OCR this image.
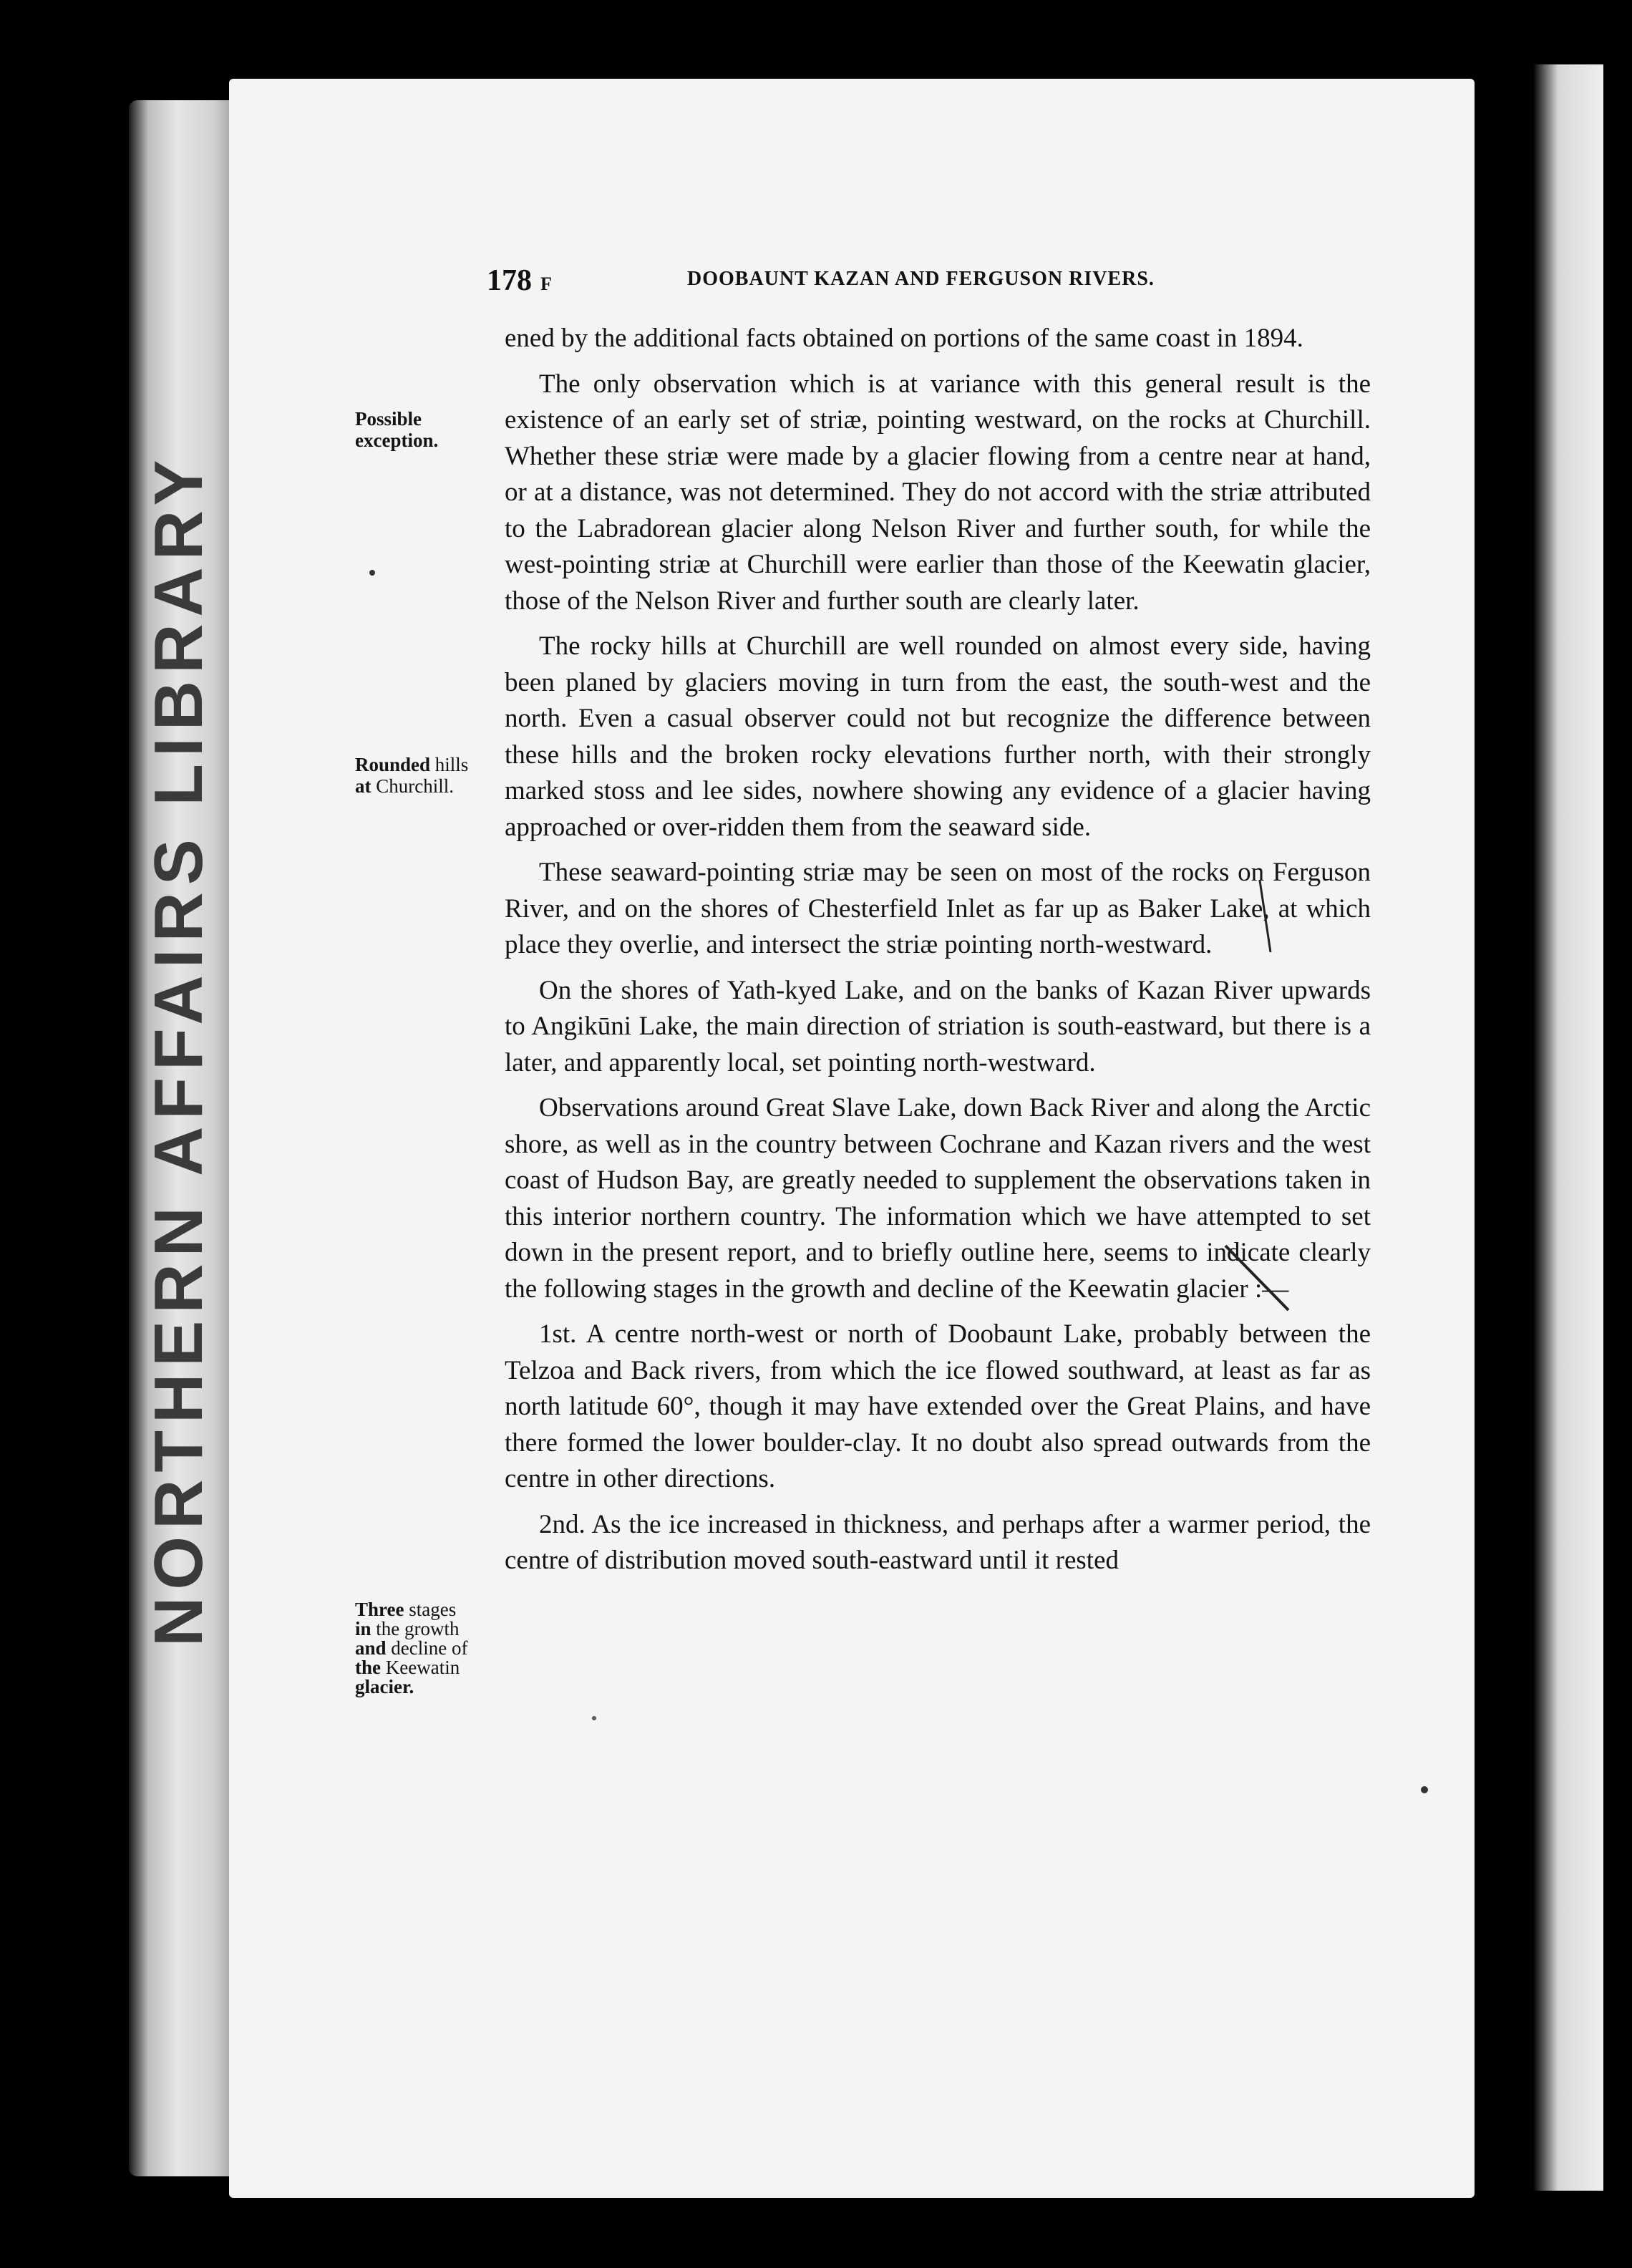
NORTHERN AFFAIRS LIBRARY
178 F	DOOBAUNT KAZAN AND FERGUSON RIVERS.
Possible
exception.
Rounded hills
at Churchill.
Three stages
in the growth
and decline of
the Keewatin
glacier.

ened by the additional facts obtained on portions of the same coast in 1894.

The only observation which is at variance with this general result is the existence of an early set of striæ, pointing westward, on the rocks at Churchill. Whether these striæ were made by a glacier flowing from a centre near at hand, or at a distance, was not determined. They do not accord with the striæ attributed to the Labradorean glacier along Nelson River and further south, for while the west-pointing striæ at Churchill were earlier than those of the Keewatin glacier, those of the Nelson River and further south are clearly later.

The rocky hills at Churchill are well rounded on almost every side, having been planed by glaciers moving in turn from the east, the south-west and the north. Even a casual observer could not but recognize the difference between these hills and the broken rocky elevations further north, with their strongly marked stoss and lee sides, nowhere showing any evidence of a glacier having approached or over-ridden them from the seaward side.

These seaward-pointing striæ may be seen on most of the rocks on Ferguson River, and on the shores of Chesterfield Inlet as far up as Baker Lake, at which place they overlie, and intersect the striæ pointing north-westward.

On the shores of Yath-kyed Lake, and on the banks of Kazan River upwards to Angikūni Lake, the main direction of striation is south-eastward, but there is a later, and apparently local, set pointing north-westward.

Observations around Great Slave Lake, down Back River and along the Arctic shore, as well as in the country between Cochrane and Kazan rivers and the west coast of Hudson Bay, are greatly needed to supplement the observations taken in this interior northern country. The information which we have attempted to set down in the present report, and to briefly outline here, seems to indicate clearly the following stages in the growth and decline of the Keewatin glacier :—

1st. A centre north-west or north of Doobaunt Lake, probably between the Telzoa and Back rivers, from which the ice flowed southward, at least as far as north latitude 60°, though it may have extended over the Great Plains, and have there formed the lower boulder-clay. It no doubt also spread outwards from the centre in other directions.

2nd. As the ice increased in thickness, and perhaps after a warmer period, the centre of distribution moved south-eastward until it rested
